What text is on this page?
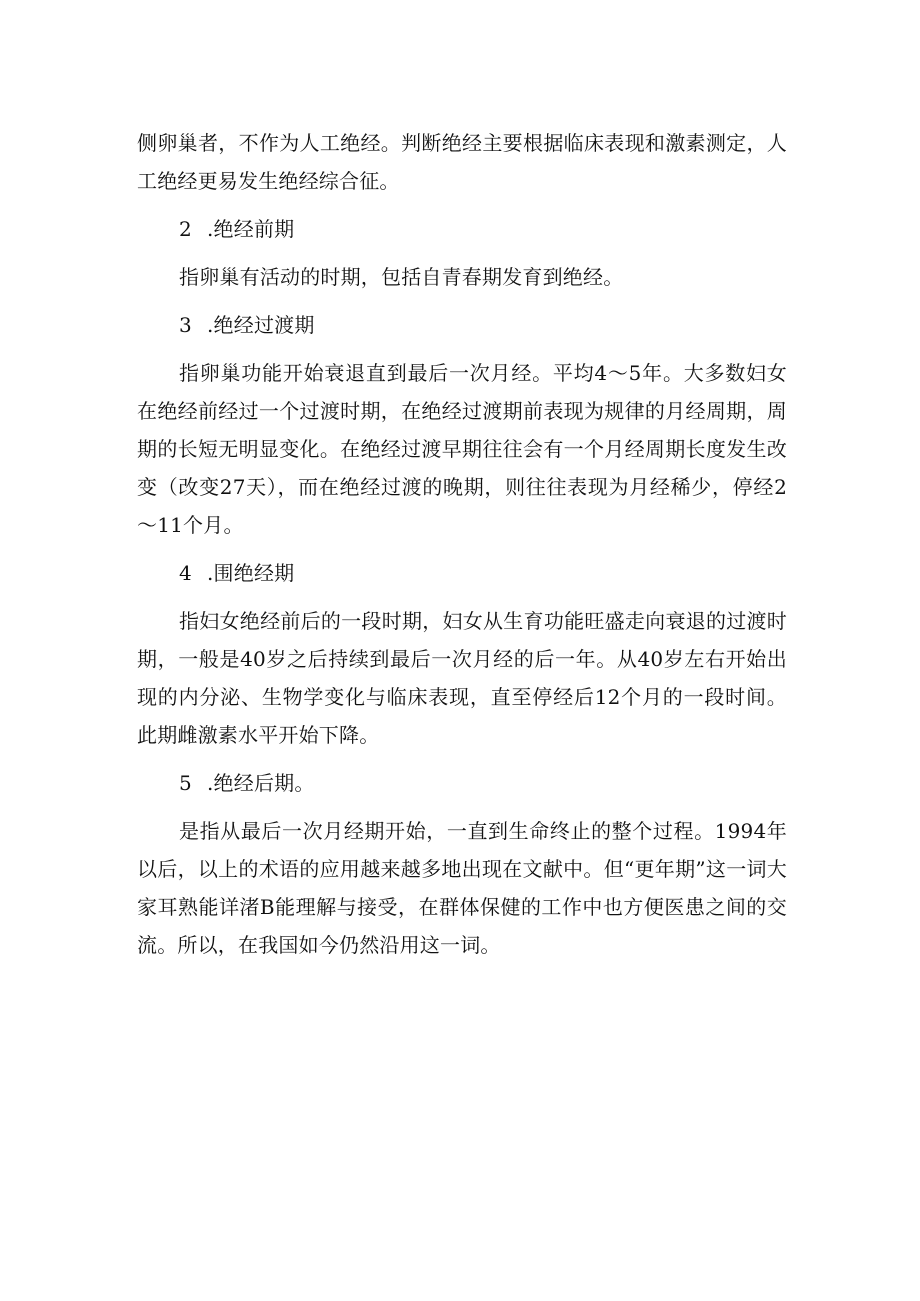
侧卵巢者，不作为人工绝经。判断绝经主要根据临床表现和激素测定，人工绝经更易发生绝经综合征。

2 .绝经前期

指卵巢有活动的时期，包括自青春期发育到绝经。

3 .绝经过渡期

指卵巢功能开始衰退直到最后一次月经。平均4～5年。大多数妇女在绝经前经过一个过渡时期，在绝经过渡期前表现为规律的月经周期，周期的长短无明显变化。在绝经过渡早期往往会有一个月经周期长度发生改变（改变27天），而在绝经过渡的晚期，则往往表现为月经稀少，停经2～11个月。

4 .围绝经期

指妇女绝经前后的一段时期，妇女从生育功能旺盛走向衰退的过渡时期，一般是40岁之后持续到最后一次月经的后一年。从40岁左右开始出现的内分泌、生物学变化与临床表现，直至停经后12个月的一段时间。此期雌激素水平开始下降。

5 .绝经后期。

是指从最后一次月经期开始，一直到生命终止的整个过程。1994年以后，以上的术语的应用越来越多地出现在文献中。但“更年期”这一词大家耳熟能详渚B能理解与接受，在群体保健的工作中也方便医患之间的交流。所以，在我国如今仍然沿用这一词。
